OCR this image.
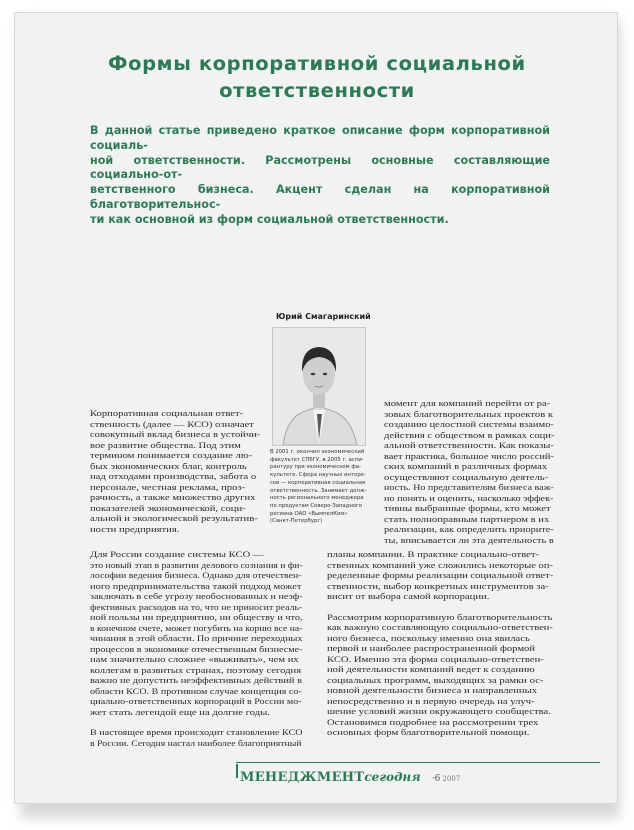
Формы корпоративной социальной
ответственности
В данной статье приведено краткое описание форм корпоративной социаль-
ной ответственности. Рассмотрены основные составляющие социально-от-
ветственного бизнеса. Акцент сделан на корпоративной благотворительнос-
ти как основной из форм социальной ответственности.
Юрий Смагаринский
В 2001 г. окончил экономический
факультет СПбГУ, в 2005 г. аспи-
рантуру при экономическом фа-
культете. Сфера научных интере-
сов — корпоративная социальная
ответственность. Занимает долж-
ность регионального менеджера
по продуктам Северо-Западного
региона ОАО «ВымпелКом»
(Санкт-Петербург)
Корпоративная социальная ответ-
ственность (далее — КСО) означает
совокупный вклад бизнеса в устойчи-
вое развитие общества. Под этим
термином понимается создание лю-
бых экономических благ, контроль
над отходами производства, забота о
персонале, честная реклама, проз-
рачность, а также множество других
показателей экономической, соци-
альной и экологической результатив-
ности предприятия.
Для России создание системы КСО —
это новый этап в развитии делового сознания и фи-
лософии ведения бизнеса. Однако для отечествен-
ного предпринимательства такой подход может
заключать в себе угрозу необоснованных и неэф-
фективных расходов на то, что не приносит реаль-
ной пользы ни предприятию, ни обществу и что,
в конечном счете, может погубить на корню все на-
чинания в этой области. По причине переходных
процессов в экономике отечественным бизнесме-
нам значительно сложнее «выживать», чем их
коллегам в развитых странах, поэтому сегодня
важно не допустить неэффективных действий в
области КСО. В противном случае концепция со-
циально-ответственных корпораций в России мо-
жет стать легендой еще на долгие годы.
В настоящее время происходит становление КСО
в России. Сегодня настал наиболее благоприятный
момент для компаний перейти от ра-
зовых благотворительных проектов к
созданию целостной системы взаимо-
действия с обществом в рамках соци-
альной ответственности. Как показы-
вает практика, большое число россий-
ских компаний в различных формах
осуществляют социальную деятель-
ность. Но представителям бизнеса важ-
но понять и оценить, насколько эффек-
тивны выбранные формы, кто может
стать полноправным партнером в их
реализации, как определить приорите-
ты, вписывается ли эта деятельность в
планы компании. В практике социально-ответ-
ственных компаний уже сложились некоторые оп-
ределенные формы реализации социальной ответ-
ственности, выбор конкретных инструментов за-
висит от выбора самой корпорации.
Рассмотрим корпоративную благотворительность
как важную составляющую социально-ответствен-
ного бизнеса, поскольку именно она явилась
первой и наиболее распространенной формой
КСО. Именно эта форма социально-ответствен-
ной деятельности компаний ведет к созданию
социальных программ, выходящих за рамки ос-
новной деятельности бизнеса и направленных
непосредственно и в первую очередь на улуч-
шение условий жизни окружающего сообщества.
Остановимся подробнее на рассмотрении трех
основных форм благотворительной помощи.
МЕНЕДЖМЕНТсегодня ·6 2007
